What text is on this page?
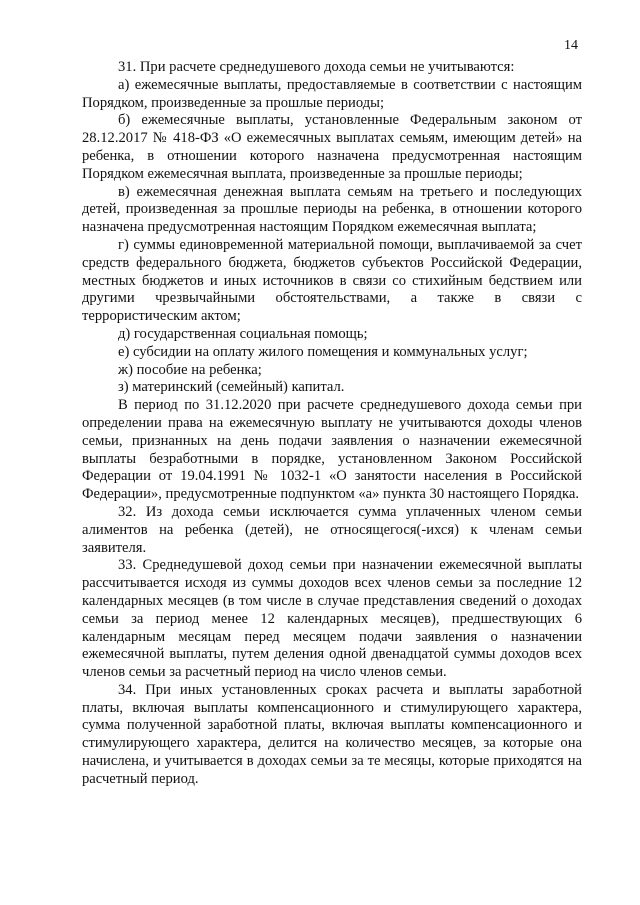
14

31. При расчете среднедушевого дохода семьи не учитываются:

а) ежемесячные выплаты, предоставляемые в соответствии с настоящим Порядком, произведенные за прошлые периоды;

б) ежемесячные выплаты, установленные Федеральным законом от 28.12.2017 № 418-ФЗ «О ежемесячных выплатах семьям, имеющим детей» на ребенка, в отношении которого назначена предусмотренная настоящим Порядком ежемесячная выплата, произведенные за прошлые периоды;

в) ежемесячная денежная выплата семьям на третьего и последующих детей, произведенная за прошлые периоды на ребенка, в отношении которого назначена предусмотренная настоящим Порядком ежемесячная выплата;

г) суммы единовременной материальной помощи, выплачиваемой за счет средств федерального бюджета, бюджетов субъектов Российской Федерации, местных бюджетов и иных источников в связи со стихийным бедствием или другими чрезвычайными обстоятельствами, а также в связи с террористическим актом;

д) государственная социальная помощь;

е) субсидии на оплату жилого помещения и коммунальных услуг;

ж) пособие на ребенка;

з) материнский (семейный) капитал.

В период по 31.12.2020 при расчете среднедушевого дохода семьи при определении права на ежемесячную выплату не учитываются доходы членов семьи, признанных на день подачи заявления о назначении ежемесячной выплаты безработными в порядке, установленном Законом Российской Федерации от 19.04.1991 № 1032-1 «О занятости населения в Российской Федерации», предусмотренные подпунктом «а» пункта 30 настоящего Порядка.

32. Из дохода семьи исключается сумма уплаченных членом семьи алиментов на ребенка (детей), не относящегося(-ихся) к членам семьи заявителя.

33. Среднедушевой доход семьи при назначении ежемесячной выплаты рассчитывается исходя из суммы доходов всех членов семьи за последние 12 календарных месяцев (в том числе в случае представления сведений о доходах семьи за период менее 12 календарных месяцев), предшествующих 6 календарным месяцам перед месяцем подачи заявления о назначении ежемесячной выплаты, путем деления одной двенадцатой суммы доходов всех членов семьи за расчетный период на число членов семьи.

34. При иных установленных сроках расчета и выплаты заработной платы, включая выплаты компенсационного и стимулирующего характера, сумма полученной заработной платы, включая выплаты компенсационного и стимулирующего характера, делится на количество месяцев, за которые она начислена, и учитывается в доходах семьи за те месяцы, которые приходятся на расчетный период.
